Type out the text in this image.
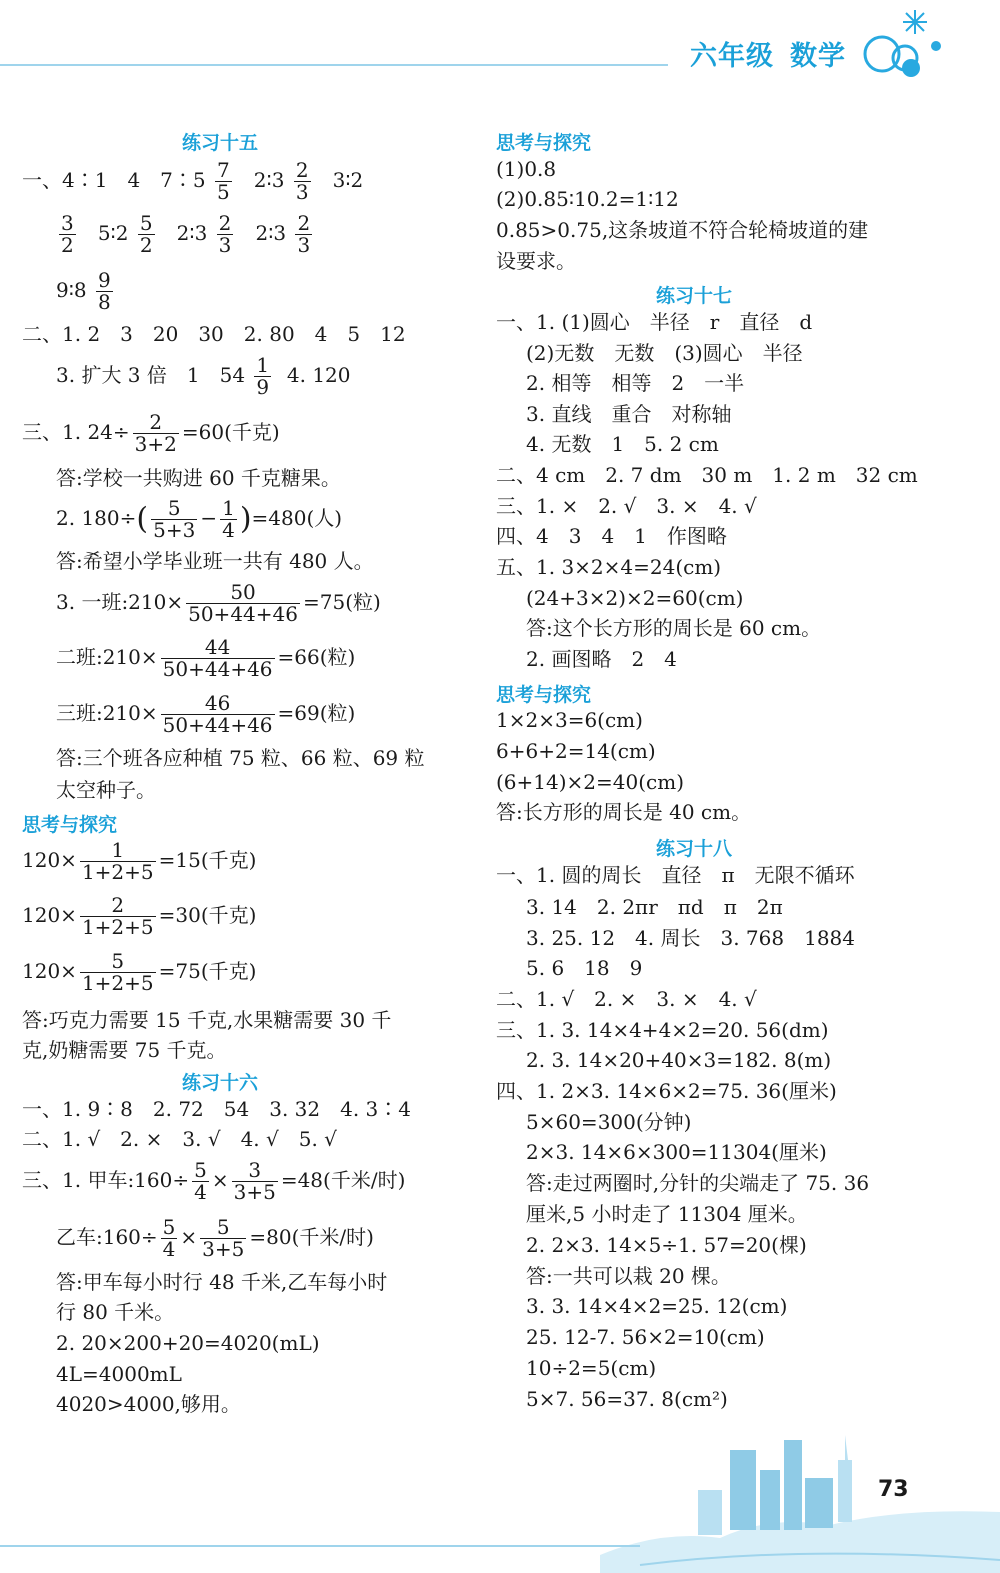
六年级 数学
练习十五
一、4∶1　4　7∶5 $\frac{7}{5}$ 2∶3 $\frac{2}{3}$ 3∶2
$\frac{3}{2}$ 5∶2 $\frac{5}{2}$ 2∶3 $\frac{2}{3}$ 2∶3 $\frac{2}{3}$
9∶8 $\frac{9}{8}$
二、1. 2　3　20　30　2. 80　4　5　12
3. 扩大 3 倍　1　$54 \frac{1}{9} 4$. 120
三、1. $24\div \frac{2}{3+2} =60$(千克)
答:学校一共购进 60 千克糖果。
2. $180\div( \frac{5}{5+3} - \frac{1}{4} )=480$(人)
答:希望小学毕业班一共有 480 人。
3. 一班:210× $\frac{50}{50+44+46} =75$(粒)
二班:210× $\frac{44}{50+44+46} =66$(粒)
三班:210× $\frac{46}{50+44+46} =69$(粒)
答:三个班各应种植 75 粒、66 粒、69 粒
太空种子。
思考与探究
$120\times \frac{1}{1+2+5} =15$(千克)
$120\times \frac{2}{1+2+5} =30$(千克)
$120\times \frac{5}{1+2+5} =75$(千克)
答:巧克力需要 15 千克,水果糖需要 30 千
克,奶糖需要 75 千克。
练习十六
一、1. 9∶8　2. 72　54　3. 32　4. 3∶4
二、1. √　2. ×　3. √　4. √　5. √
三、1. 甲车:160÷ $\frac{5}{4} \times \frac{3}{3+5} =48$(千米/时)
乙车:160÷ $\frac{5}{4} \times \frac{5}{3+5} =80$(千米/时)
答:甲车每小时行 48 千米,乙车每小时
行 80 千米。
2. 20×200+20=4020(mL)
4L=4000mL
4020>4000,够用。
思考与探究
(1)0.8
(2)0.85∶10.2=1∶12
0.85>0.75,这条坡道不符合轮椅坡道的建
设要求。
练习十七
一、1. (1)圆心　半径　r　直径　d
(2)无数　无数　(3)圆心　半径
2. 相等　相等　2　一半
3. 直线　重合　对称轴
4. 无数　1　5. 2 cm
二、4 cm　2. 7 dm　30 m　1. 2 m　32 cm
三、1. ×　2. √　3. ×　4. √
四、4　3　4　1　作图略
五、1. 3×2×4=24(cm)
(24+3×2)×2=60(cm)
答:这个长方形的周长是 60 cm。
2. 画图略　2　4
思考与探究
1×2×3=6(cm)
6+6+2=14(cm)
(6+14)×2=40(cm)
答:长方形的周长是 40 cm。
练习十八
一、1. 圆的周长　直径　π　无限不循环
3. 14　2. 2πr　πd　π　2π
3. 25. 12　4. 周长　3. 768　1884
5. 6　18　9
二、1. √　2. ×　3. ×　4. √
三、1. 3. 14×4+4×2=20. 56(dm)
2. 3. 14×20+40×3=182. 8(m)
四、1. 2×3. 14×6×2=75. 36(厘米)
5×60=300(分钟)
2×3. 14×6×300=11304(厘米)
答:走过两圈时,分针的尖端走了 75. 36
厘米,5 小时走了 11304 厘米。
2. 2×3. 14×5÷1. 57=20(棵)
答:一共可以栽 20 棵。
3. 3. 14×4×2=25. 12(cm)
25. 12-7. 56×2=10(cm)
10÷2=5(cm)
5×7. 56=37. 8(cm²)
73
